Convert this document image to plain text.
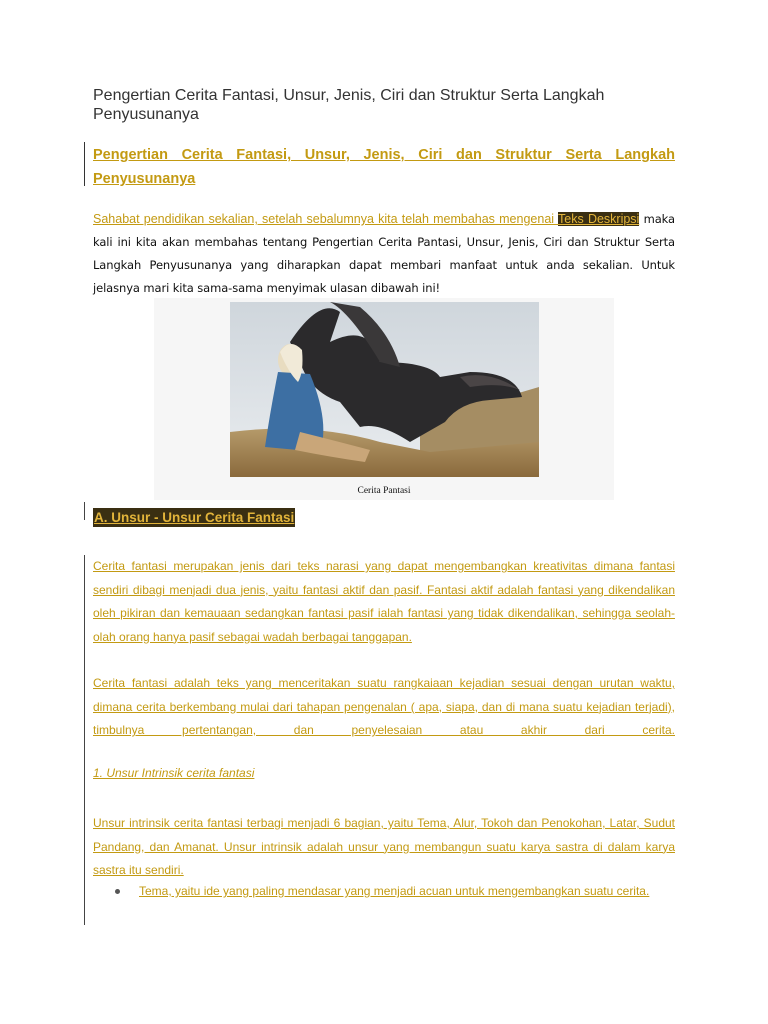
Pengertian Cerita Fantasi, Unsur, Jenis, Ciri dan Struktur Serta Langkah Penyusunanya
Pengertian Cerita Fantasi, Unsur, Jenis, Ciri dan Struktur Serta Langkah Penyusunanya
Sahabat pendidikan sekalian, setelah sebalumnya kita telah membahas mengenai Teks Deskripsi maka kali ini kita akan membahas tentang Pengertian Cerita Pantasi, Unsur, Jenis, Ciri dan Struktur Serta Langkah Penyusunanya yang diharapkan dapat membari manfaat untuk anda sekalian. Untuk jelasnya mari kita sama-sama menyimak ulasan dibawah ini!
Cerita Pantasi
A. Unsur - Unsur Cerita Fantasi
Cerita fantasi merupakan jenis dari teks narasi yang dapat mengembangkan kreativitas dimana fantasi sendiri dibagi menjadi dua jenis, yaitu fantasi aktif dan pasif. Fantasi aktif adalah fantasi yang dikendalikan oleh pikiran dan kemauaan sedangkan fantasi pasif ialah fantasi yang tidak dikendalikan, sehingga seolah-olah orang hanya pasif sebagai wadah berbagai tanggapan.
Cerita fantasi adalah teks yang menceritakan suatu rangkaiaan kejadian sesuai dengan urutan waktu, dimana cerita berkembang mulai dari tahapan pengenalan ( apa, siapa, dan di mana suatu kejadian terjadi), timbulnya pertentangan, dan penyelesaian atau akhir dari cerita.
1. Unsur Intrinsik cerita fantasi
Unsur intrinsik cerita fantasi terbagi menjadi 6 bagian, yaitu Tema, Alur, Tokoh dan Penokohan, Latar, Sudut Pandang, dan Amanat. Unsur intrinsik adalah unsur yang membangun suatu karya sastra di dalam karya sastra itu sendiri.
Tema, yaitu ide yang paling mendasar yang menjadi acuan untuk mengembangkan suatu cerita.
